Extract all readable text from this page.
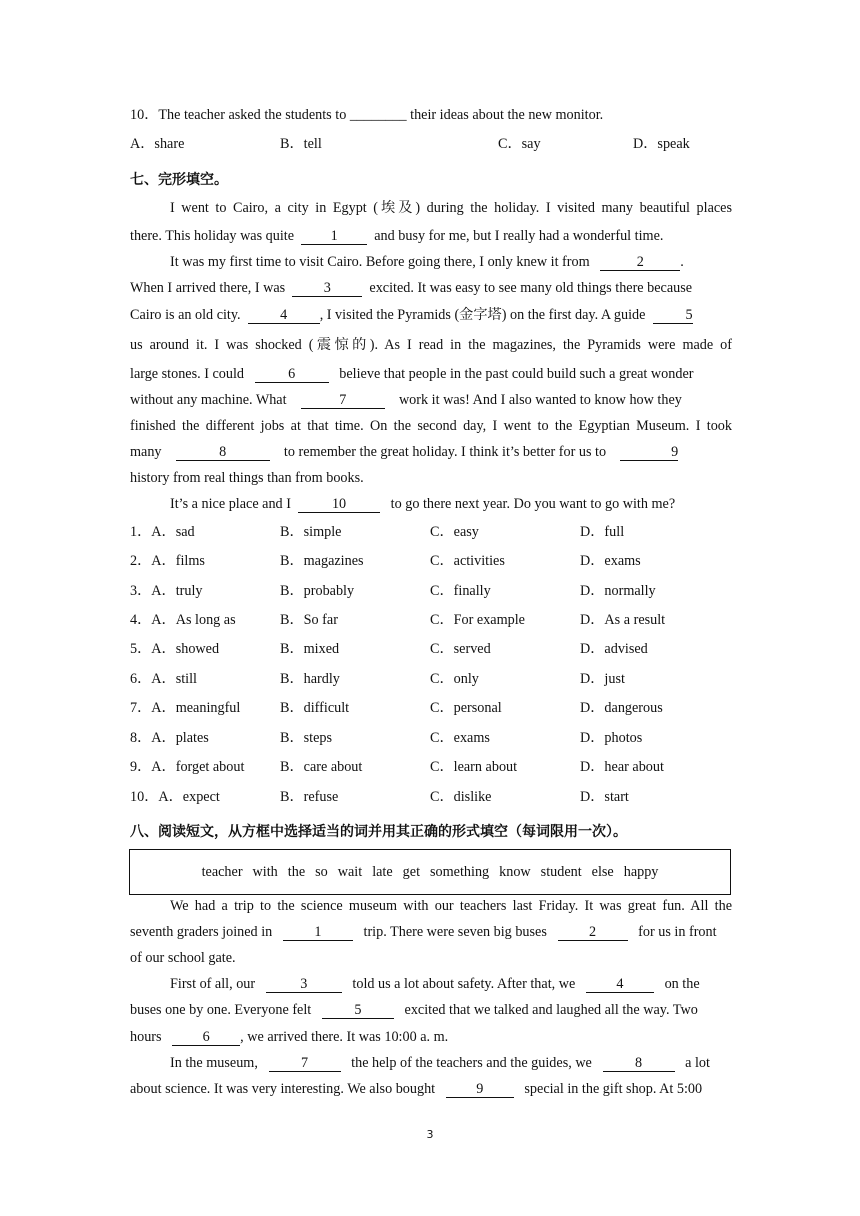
10．The teacher asked the students to ________ their ideas about the new monitor.
A．share	B．tell	C．say	D．speak
七、完形填空。
I went to Cairo, a city in Egypt (埃及) during the holiday. I visited many beautiful places
there. This holiday was quite	1	and busy for me, but I really had a wonderful time.
It was my first time to visit Cairo. Before going there, I only knew it from	2	.
When I arrived there, I was	3	excited. It was easy to see many old things there because
Cairo is an old city.	4 , I visited the Pyramids (金字塔) on the first day. A guide	5
us around it. I was shocked (震惊的). As I read in the magazines, the Pyramids were made of
large stones. I could	6	believe that people in the past could build such a great wonder
without any machine. What	7	work it was! And I also wanted to know how they
finished the different jobs at that time. On the second day, I went to the Egyptian Museum. I took
many	8	to remember the great holiday. I think it’s better for us to	9
history from real things than from books.
It’s a nice place and I	10	to go there next year. Do you want to go with me?
1．A．sad	B．simple	C．easy	D．full
2．A．films	B．magazines	C．activities	D．exams
3．A．truly	B．probably	C．finally	D．normally
4．A．As long as	B．So far	C．For example	D．As a result
5．A．showed	B．mixed	C．served	D．advised
6．A．still	B．hardly	C．only	D．just
7．A．meaningful	B．difficult	C．personal	D．dangerous
8．A．plates	B．steps	C．exams	D．photos
9．A．forget about	B．care about	C．learn about	D．hear about
10．A．expect	B．refuse	C．dislike	D．start
八、阅读短文，从方框中选择适当的词并用其正确的形式填空（每词限用一次）。
teacher with the so wait late get something know student else happy
We had a trip to the science museum with our teachers last Friday. It was great fun. All the
seventh graders joined in	1	trip. There were seven big buses	2	for us in front
of our school gate.
First of all, our	3	told us a lot about safety. After that, we	4	on the
buses one by one. Everyone felt	5	excited that we talked and laughed all the way. Two
hours	6 , we arrived there. It was 10:00 a. m.
In the museum,	7	the help of the teachers and the guides, we	8	a lot
about science. It was very interesting. We also bought	9	special in the gift shop. At 5:00
3
